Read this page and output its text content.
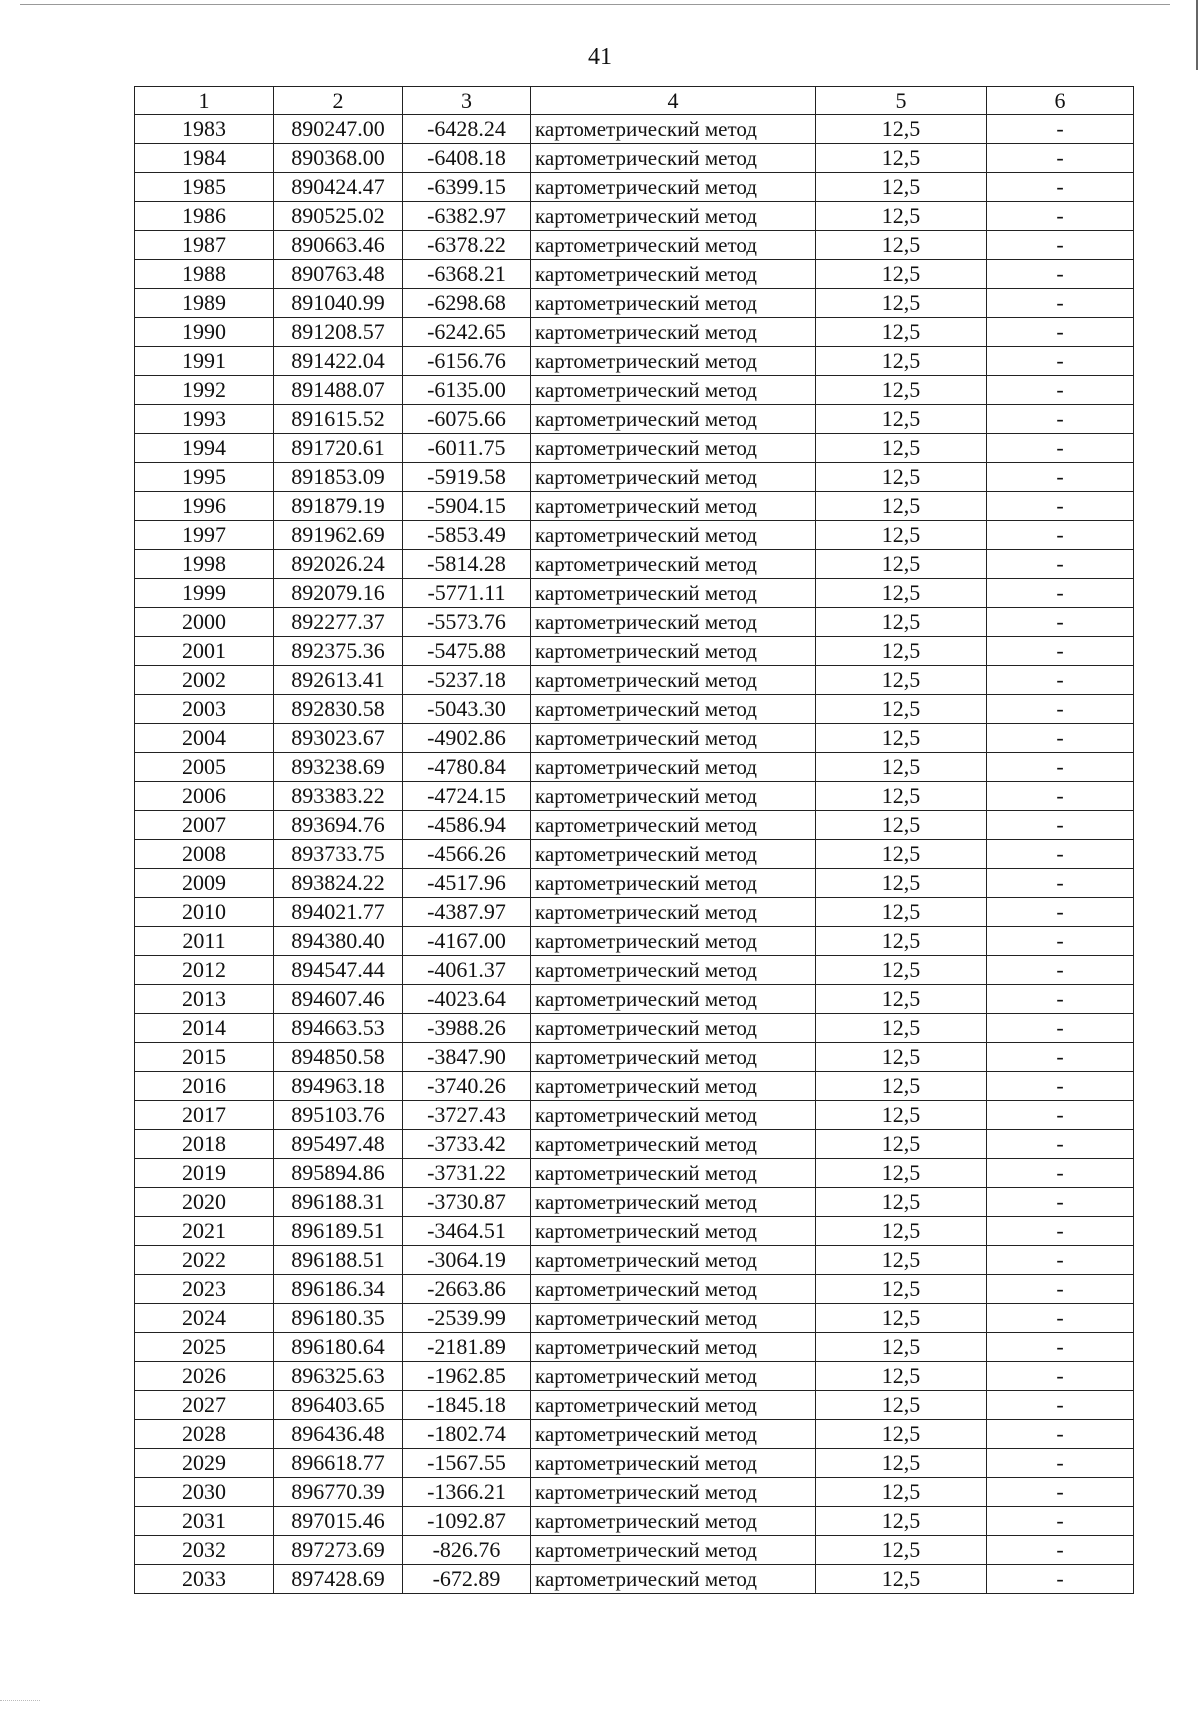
41
1	2	3	4	5	6
1983	890247.00	-6428.24	картометрический метод	12,5	-
1984	890368.00	-6408.18	картометрический метод	12,5	-
1985	890424.47	-6399.15	картометрический метод	12,5	-
1986	890525.02	-6382.97	картометрический метод	12,5	-
1987	890663.46	-6378.22	картометрический метод	12,5	-
1988	890763.48	-6368.21	картометрический метод	12,5	-
1989	891040.99	-6298.68	картометрический метод	12,5	-
1990	891208.57	-6242.65	картометрический метод	12,5	-
1991	891422.04	-6156.76	картометрический метод	12,5	-
1992	891488.07	-6135.00	картометрический метод	12,5	-
1993	891615.52	-6075.66	картометрический метод	12,5	-
1994	891720.61	-6011.75	картометрический метод	12,5	-
1995	891853.09	-5919.58	картометрический метод	12,5	-
1996	891879.19	-5904.15	картометрический метод	12,5	-
1997	891962.69	-5853.49	картометрический метод	12,5	-
1998	892026.24	-5814.28	картометрический метод	12,5	-
1999	892079.16	-5771.11	картометрический метод	12,5	-
2000	892277.37	-5573.76	картометрический метод	12,5	-
2001	892375.36	-5475.88	картометрический метод	12,5	-
2002	892613.41	-5237.18	картометрический метод	12,5	-
2003	892830.58	-5043.30	картометрический метод	12,5	-
2004	893023.67	-4902.86	картометрический метод	12,5	-
2005	893238.69	-4780.84	картометрический метод	12,5	-
2006	893383.22	-4724.15	картометрический метод	12,5	-
2007	893694.76	-4586.94	картометрический метод	12,5	-
2008	893733.75	-4566.26	картометрический метод	12,5	-
2009	893824.22	-4517.96	картометрический метод	12,5	-
2010	894021.77	-4387.97	картометрический метод	12,5	-
2011	894380.40	-4167.00	картометрический метод	12,5	-
2012	894547.44	-4061.37	картометрический метод	12,5	-
2013	894607.46	-4023.64	картометрический метод	12,5	-
2014	894663.53	-3988.26	картометрический метод	12,5	-
2015	894850.58	-3847.90	картометрический метод	12,5	-
2016	894963.18	-3740.26	картометрический метод	12,5	-
2017	895103.76	-3727.43	картометрический метод	12,5	-
2018	895497.48	-3733.42	картометрический метод	12,5	-
2019	895894.86	-3731.22	картометрический метод	12,5	-
2020	896188.31	-3730.87	картометрический метод	12,5	-
2021	896189.51	-3464.51	картометрический метод	12,5	-
2022	896188.51	-3064.19	картометрический метод	12,5	-
2023	896186.34	-2663.86	картометрический метод	12,5	-
2024	896180.35	-2539.99	картометрический метод	12,5	-
2025	896180.64	-2181.89	картометрический метод	12,5	-
2026	896325.63	-1962.85	картометрический метод	12,5	-
2027	896403.65	-1845.18	картометрический метод	12,5	-
2028	896436.48	-1802.74	картометрический метод	12,5	-
2029	896618.77	-1567.55	картометрический метод	12,5	-
2030	896770.39	-1366.21	картометрический метод	12,5	-
2031	897015.46	-1092.87	картометрический метод	12,5	-
2032	897273.69	-826.76	картометрический метод	12,5	-
2033	897428.69	-672.89	картометрический метод	12,5	-
